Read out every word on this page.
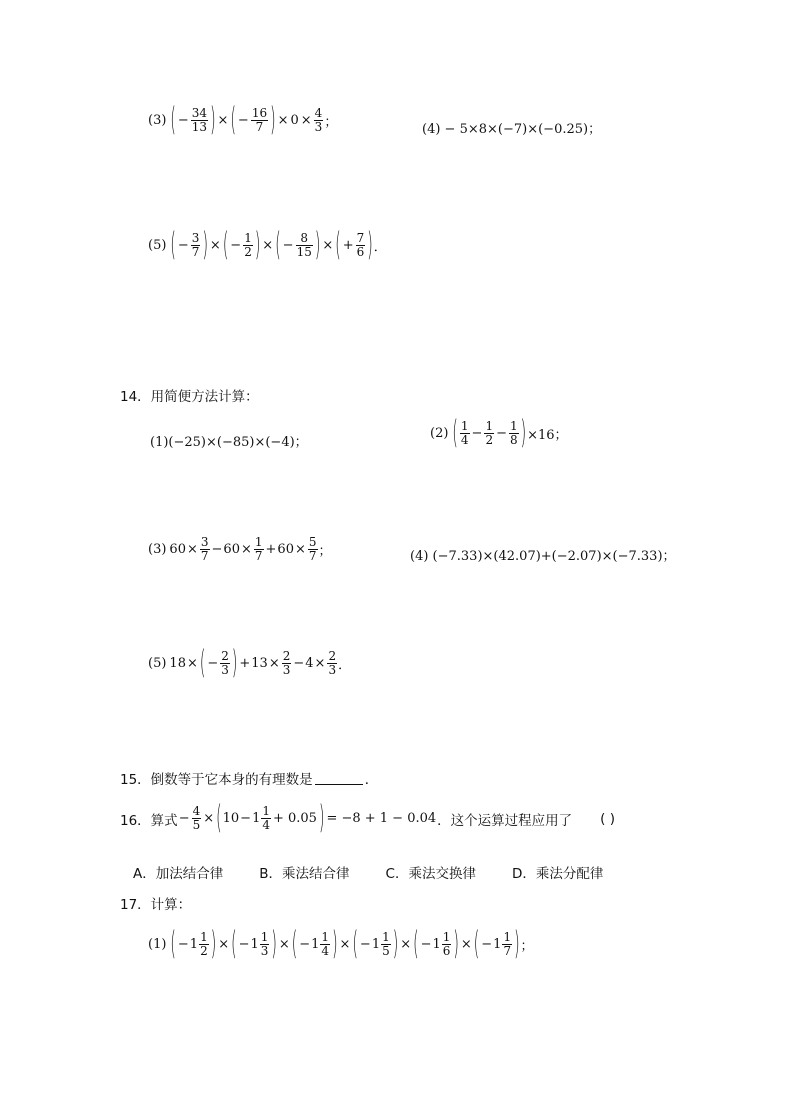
(3) ( − $\frac{34}{13}$ ) × ( − $\frac{16}{7}$ ) × $0 \times \frac{4}{3}$ ；	(4) − 5×8×(−7)×(−0.25)；
(5) ( − $\frac{3}{7}$ ) × ( − $\frac{1}{2}$ ) × ( − $\frac{8}{15}$ ) × ( + $\frac{7}{6}$ ) ．
14．用简便方法计算：
(1)(−25)×(−85)×(−4)；
(2) ( $\frac{1}{4} - \frac{1}{2} - \frac{1}{8}$ ) ×16；
(3) $60 \times \frac{3}{7} - 60 \times \frac{1}{7} + 60 \times \frac{5}{7}$ ；	(4) (−7.33)×(42.07)+(−2.07)×(−7.33)；
(5) 18 × ( − $\frac{2}{3}$ ) + $13 \times \frac{2}{3} - 4 \times \frac{2}{3}$ ．
15．倒数等于它本身的有理数是	．
16．算式 − $\frac{4}{5}$ × ( $10 - 1 \frac{1}{4} + 0.05$ ) = −8 + 1 − 0.04 ．这个运算过程应用了 ( )
A．加法结合律	B．乘法结合律	C．乘法交换律	D．乘法分配律
17．计算：
(1) ( − $1 \frac{1}{2}$ ) × ( − $1 \frac{1}{3}$ ) × ( − $1 \frac{1}{4}$ ) × ( − $1 \frac{1}{5}$ ) × ( − $1 \frac{1}{6}$ ) × ( − $1 \frac{1}{7}$ ) ；
